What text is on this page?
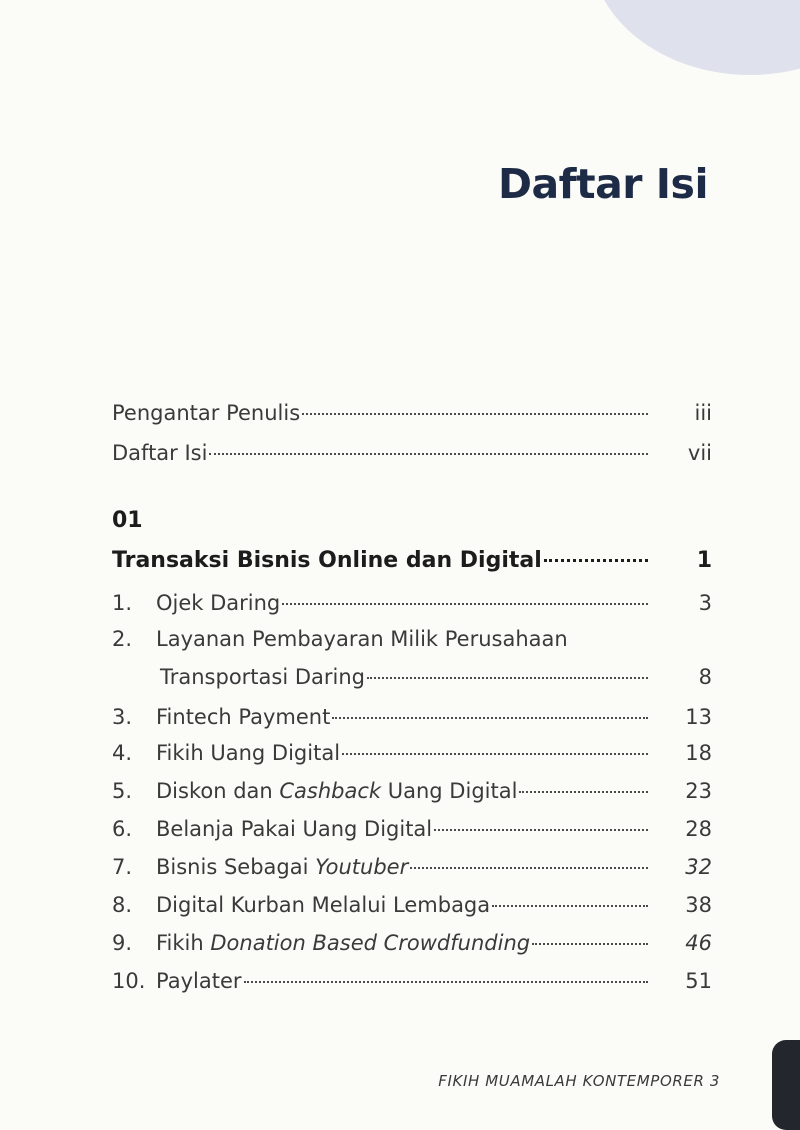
Daftar Isi
Pengantar Penulis	iii
Daftar Isi	vii
01
Transaksi Bisnis Online dan Digital	1
1. Ojek Daring	3
2. Layanan Pembayaran Milik Perusahaan
Transportasi Daring	8
3. Fintech Payment	13
4. Fikih Uang Digital	18
5. Diskon dan Cashback Uang Digital	23
6. Belanja Pakai Uang Digital	28
7. Bisnis Sebagai Youtuber	32
8. Digital Kurban Melalui Lembaga	38
9. Fikih Donation Based Crowdfunding	46
10. Paylater	51
FIKIH MUAMALAH KONTEMPORER 3
